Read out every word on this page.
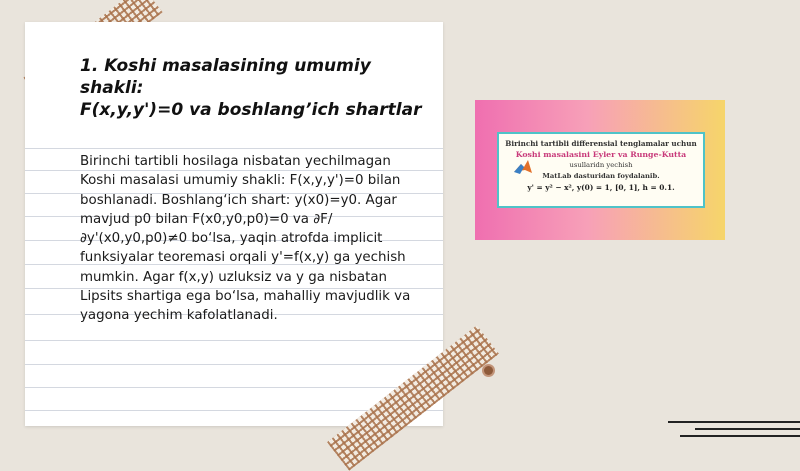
1. Koshi masalasining umumiy shakli:
F(x,y,y')=0 va boshlang’ich shartlar
Birinchi tartibli hosilaga nisbatan yechilmagan Koshi masalasi umumiy shakli: F(x,y,y')=0 bilan boshlanadi. Boshlang‘ich shart: y(x0)=y0. Agar mavjud p0 bilan F(x0,y0,p0)=0 va ∂F/∂y'(x0,y0,p0)≠0 bo‘lsa, yaqin atrofda implicit funksiyalar teoremasi orqali y'=f(x,y) ga yechish mumkin. Agar f(x,y) uzluksiz va y ga nisbatan Lipsits shartiga ega bo‘lsa, mahalliy mavjudlik va yagona yechim kafolatlanadi.
Birinchi tartibli differensial tenglamalar uchun
Koshi masalasini Eyler va Runge-Kutta
usullaridn yechish
MatLab dasturidan foydalanib.
y' = y² − x², y(0) = 1, [0, 1], h = 0.1.
